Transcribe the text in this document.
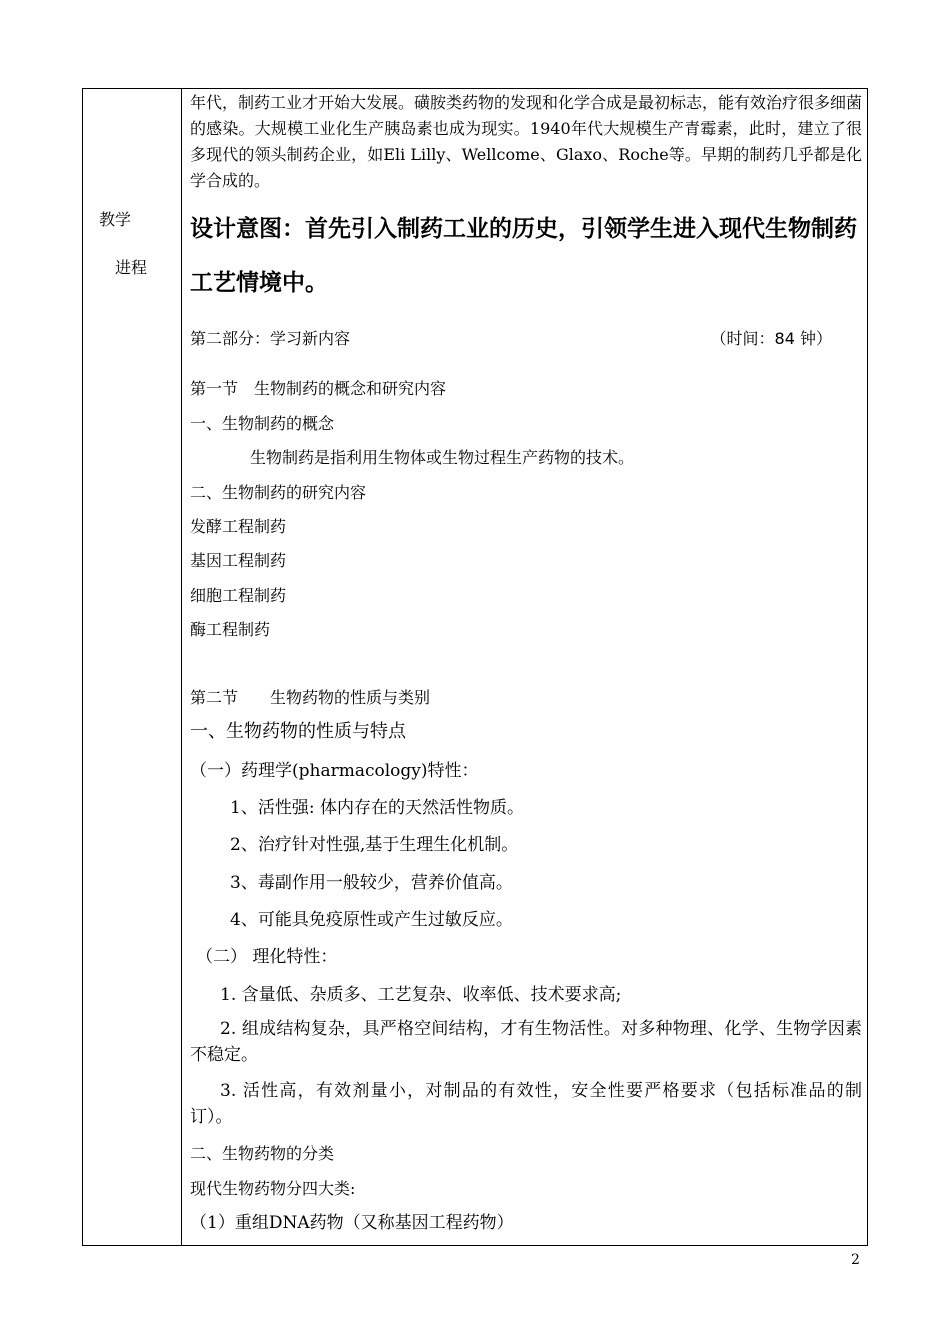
教学
进程
年代，制药工业才开始大发展。磺胺类药物的发现和化学合成是最初标志，能有效治疗很多细菌的感染。大规模工业化生产胰岛素也成为现实。1940年代大规模生产青霉素，此时，建立了很多现代的领头制药企业，如Eli Lilly、Wellcome、Glaxo、Roche等。早期的制药几乎都是化学合成的。
设计意图：首先引入制药工业的历史，引领学生进入现代生物制药工艺情境中。
第二部分：学习新内容	（时间：84 钟）
第一节　生物制药的概念和研究内容
一、生物制药的概念
生物制药是指利用生物体或生物过程生产药物的技术。
二、生物制药的研究内容
发酵工程制药
基因工程制药
细胞工程制药
酶工程制药
第二节　　生物药物的性质与类别
一、生物药物的性质与特点
（一）药理学(pharmacology)特性：
1、活性强: 体内存在的天然活性物质。
2、治疗针对性强,基于生理生化机制。
3、毒副作用一般较少，营养价值高。
4、可能具免疫原性或产生过敏反应。
（二） 理化特性：
1. 含量低、杂质多、工艺复杂、收率低、技术要求高;
2. 组成结构复杂，具严格空间结构，才有生物活性。对多种物理、化学、生物学因素不稳定。
3. 活性高，有效剂量小，对制品的有效性，安全性要严格要求（包括标准品的制订）。
二、生物药物的分类
现代生物药物分四大类:
（1）重组DNA药物（又称基因工程药物）
2
